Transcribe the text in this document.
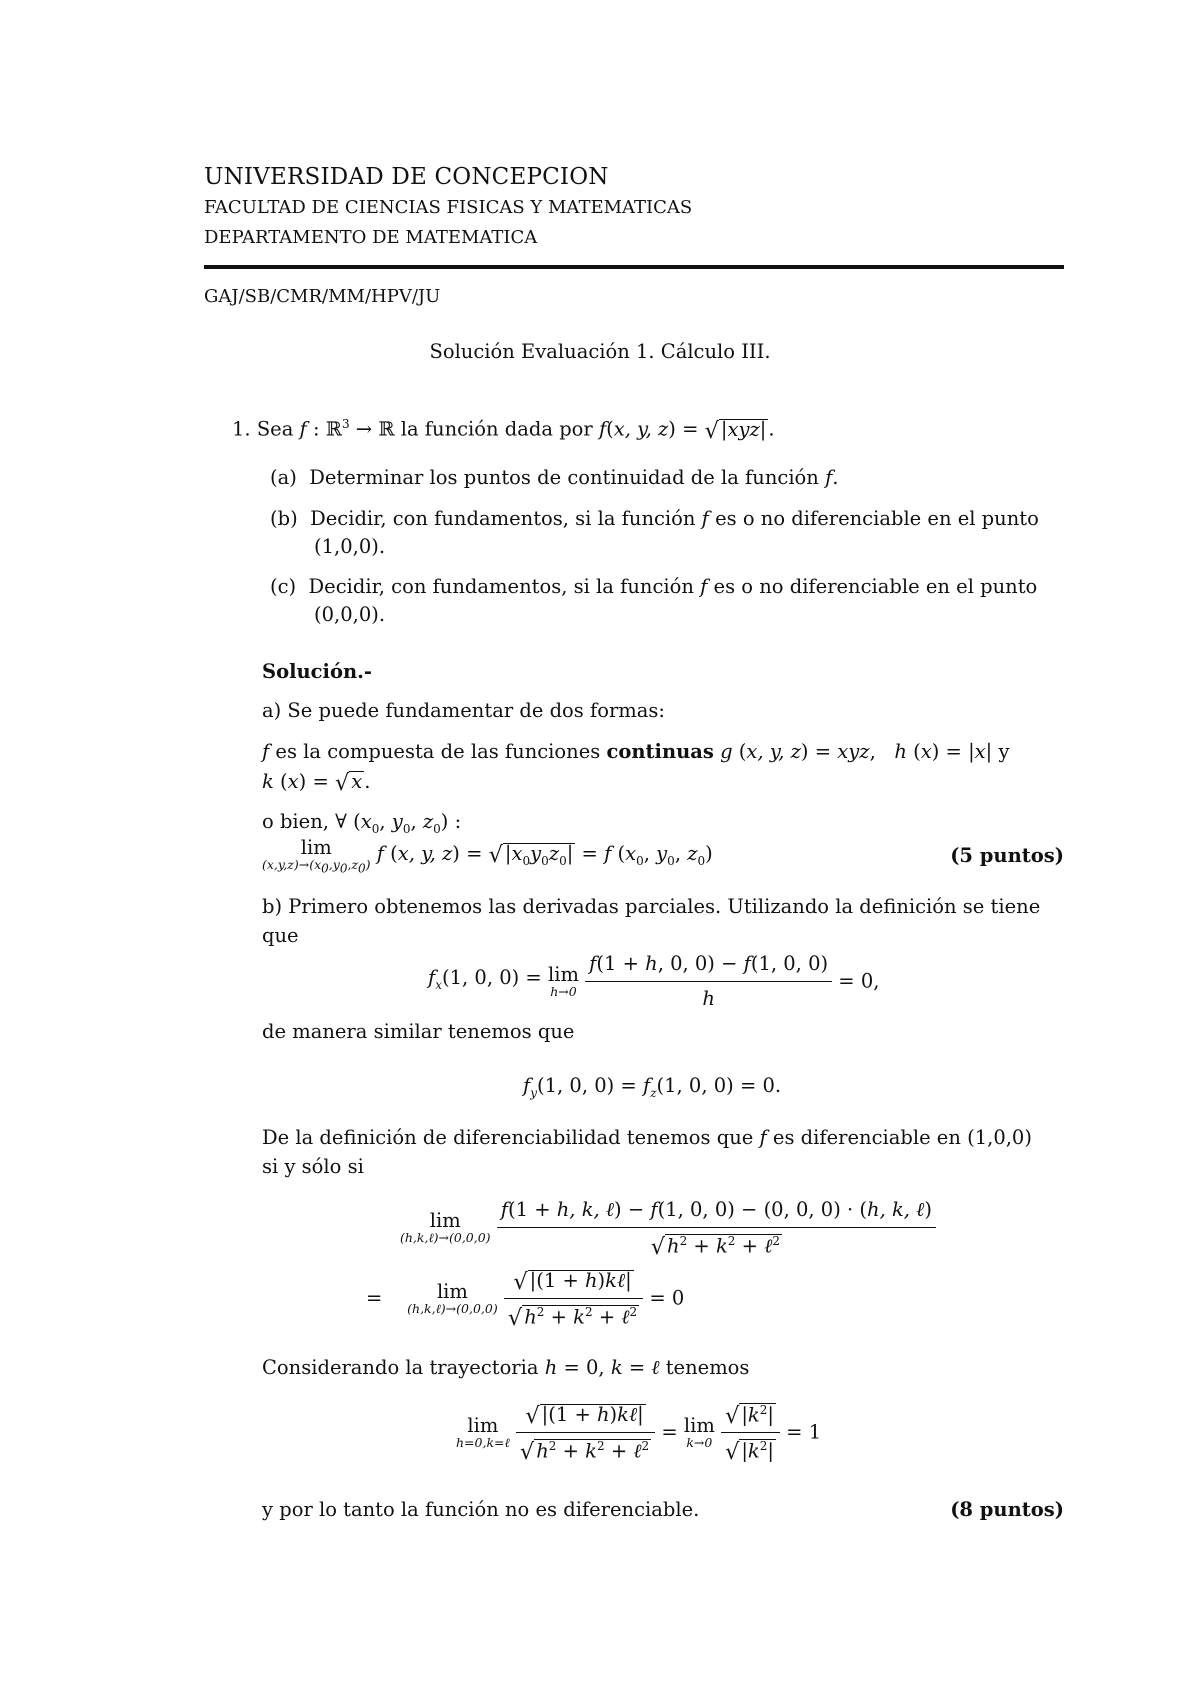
UNIVERSIDAD DE CONCEPCION
FACULTAD DE CIENCIAS FISICAS Y MATEMATICAS
DEPARTAMENTO DE MATEMATICA
GAJ/SB/CMR/MM/HPV/JU
Solución Evaluación 1. Cálculo III.
1. Sea f : ℝ$^3$ → ℝ la función dada por f(x, y, z) = √ |xyz| .
(a) Determinar los puntos de continuidad de la función f.
(b) Decidir, con fundamentos, si la función f es o no diferenciable en el punto
(1,0,0).
(c) Decidir, con fundamentos, si la función f es o no diferenciable en el punto
(0,0,0).
Solución.-
a) Se puede fundamentar de dos formas:
f es la compuesta de las funciones continuas g (x, y, z) = xyz,   h (x) = |x| y
k (x) = √ x .
o bien, ∀ ($x_0$, $y_0$, $z_0$) :
lim
$(x,y,z)\to(x_0,y_0,z_0)$ f (x, y, z) = √ $|x_0y_0z_0| = f$ ($x_0$, $y_0$, $z_0$)	(5 puntos)
b) Primero obtenemos las derivadas parciales. Utilizando la definición se tiene
que
$f_x(1$, 0, 0) = lim
h→0
$\frac{f(1 + h, 0, 0) - f(1, 0, 0)}{h} = 0$,
de manera similar tenemos que
$f_y(1$, 0, $0) = f_z(1$, 0, 0) = 0.
De la definición de diferenciabilidad tenemos que f es diferenciable en (1,0,0)
si y sólo si
lim
(h,k,ℓ)→(0,0,0)
$\frac{\text{f(1 + h, k, ℓ) − f(1, 0, 0) − (0, 0, 0) · (h, k, ℓ)}}{√ h^2 + k^2 + \ell^2}$
=	lim
(h,k,ℓ)→(0,0,0)
$\frac{\text{√ |(1 + h)kℓ|}}{√ h^2 + k^2 + \ell^2} = 0$
Considerando la trayectoria h = 0, k = ℓ tenemos
lim
h=0,k=ℓ
$\frac{\text{√ |(1 + h)kℓ|}}{√ h^2 + k^2 + \ell^2} = \lim$
k→0
$\frac{√ |k^2|}{√ |k^2|} = 1$
y por lo tanto la función no es diferenciable.	(8 puntos)
